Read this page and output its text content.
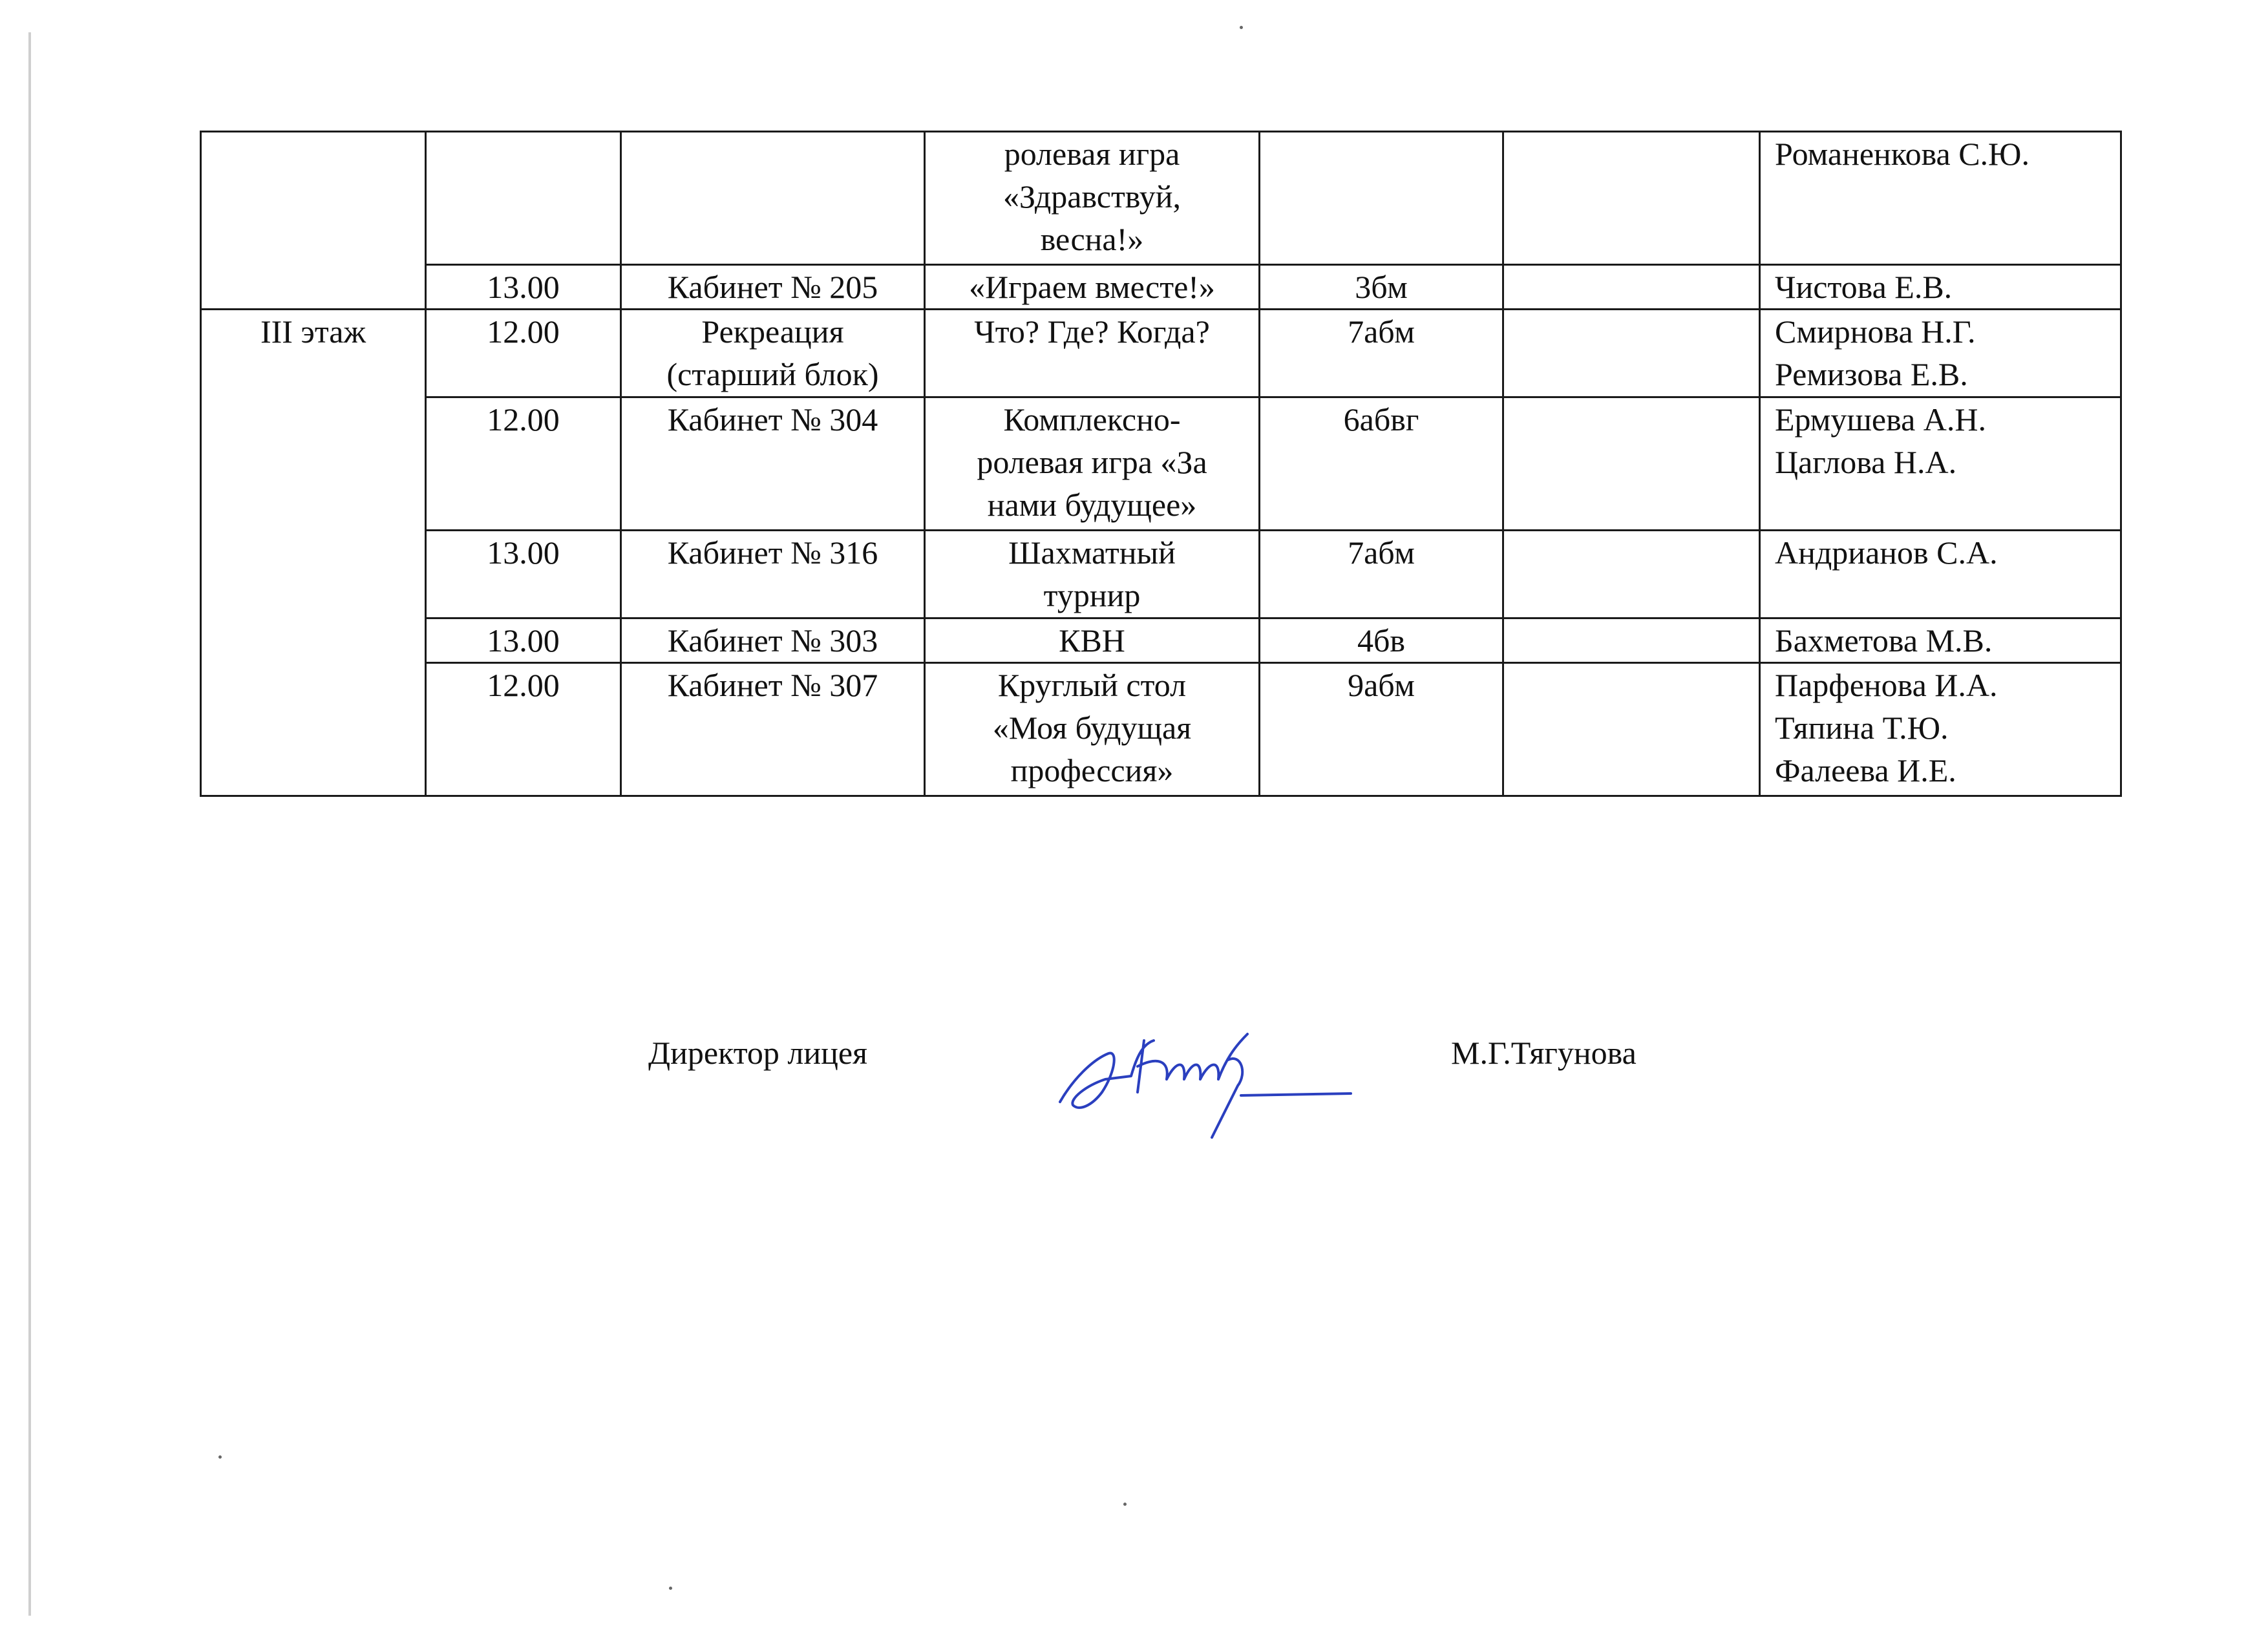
			ролевая игра
«Здравствуй,
весна!»			Романенкова С.Ю.

	13.00	Кабинет № 205	«Играем вместе!»	3бм		Чистова Е.В.

III этаж	12.00	Рекреация
(старший блок)	Что? Где? Когда?	7абм		Смирнова Н.Г.
Ремизова Е.В.

	12.00	Кабинет № 304	Комплексно-
ролевая игра «За
нами будущее»	6абвг		Ермушева А.Н.
Цаглова Н.А.

	13.00	Кабинет № 316	Шахматный
турнир	7абм		Андрианов С.А.

	13.00	Кабинет № 303	КВН	4бв		Бахметова М.В.

	12.00	Кабинет № 307	Круглый стол
«Моя будущая
профессия»	9абм		Парфенова И.А.
Тяпина Т.Ю.
Фалеева И.Е.
Директор лицея	М.Г.Тягунова
